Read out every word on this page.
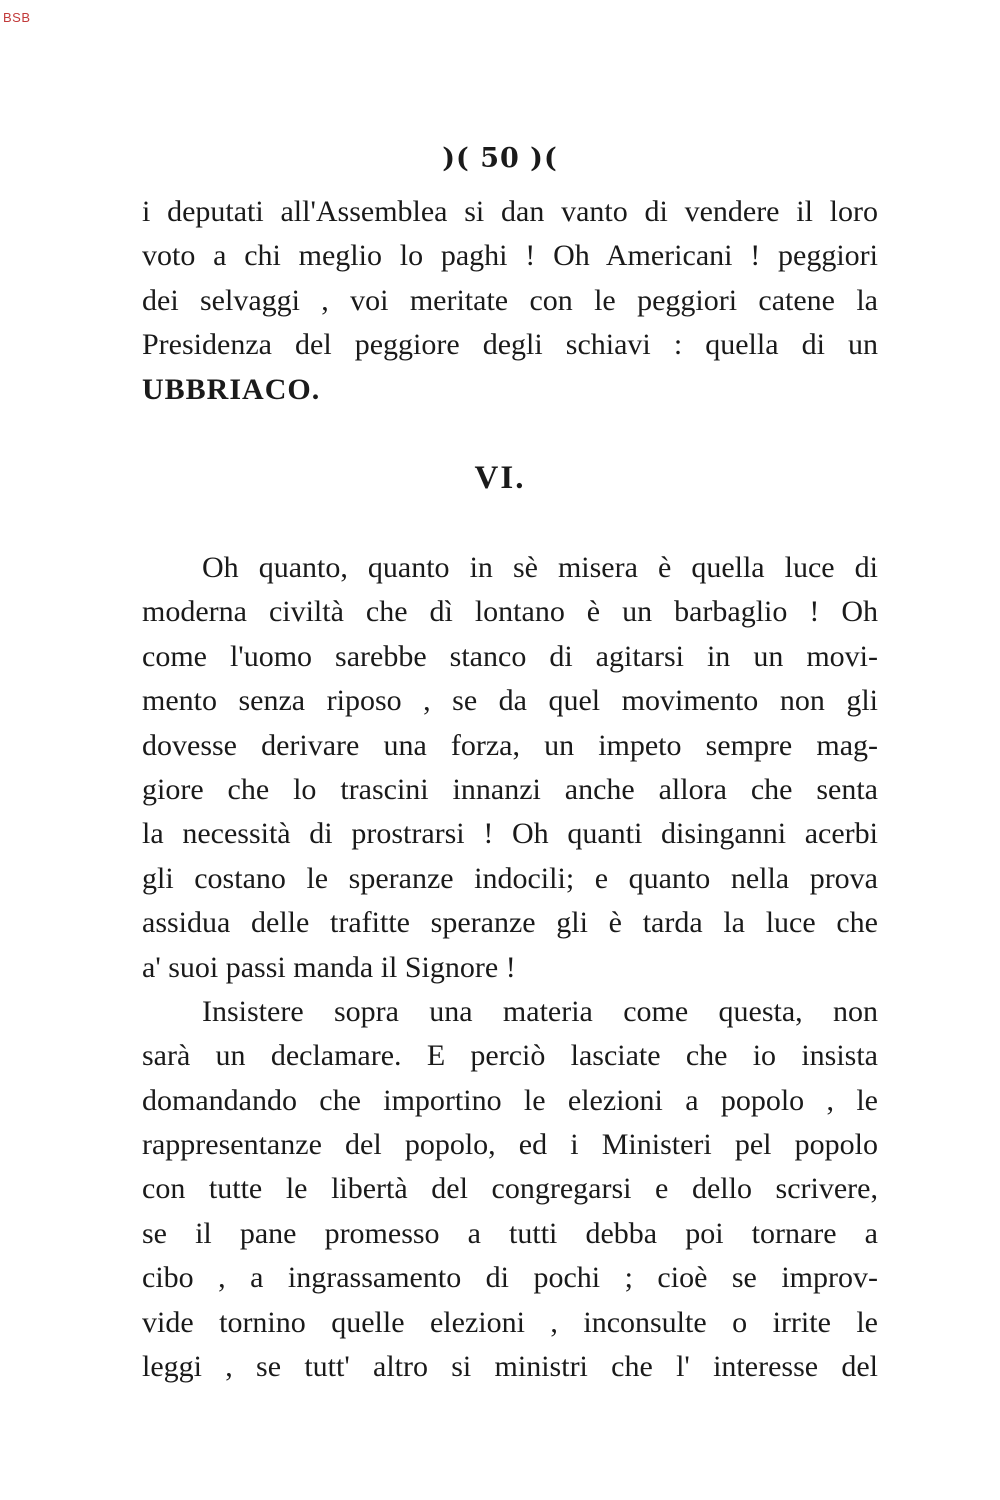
BSB
)( 50 )(
i deputati all'Assemblea si dan vanto di vendere il loro
voto a chi meglio lo paghi ! Oh Americani ! peggiori
dei selvaggi , voi meritate con le peggiori catene la
Presidenza del peggiore degli schiavi : quella di un
UBBRIACO.
VI.
Oh quanto, quanto in sè misera è quella luce di
moderna civiltà che dì lontano è un barbaglio ! Oh
come l'uomo sarebbe stanco di agitarsi in un movi-
mento senza riposo , se da quel movimento non gli
dovesse derivare una forza, un impeto sempre mag-
giore che lo trascini innanzi anche allora che senta
la necessità di prostrarsi ! Oh quanti disinganni acerbi
gli costano le speranze indocili; e quanto nella prova
assidua delle trafitte speranze gli è tarda la luce che
a' suoi passi manda il Signore !
Insistere sopra una materia come questa, non
sarà un declamare. E perciò lasciate che io insista
domandando che importino le elezioni a popolo , le
rappresentanze del popolo, ed i Ministeri pel popolo
con tutte le libertà del congregarsi e dello scrivere,
se il pane promesso a tutti debba poi tornare a
cibo , a ingrassamento di pochi ; cioè se improv-
vide tornino quelle elezioni , inconsulte o irrite le
leggi , se tutt' altro si ministri che l' interesse del
